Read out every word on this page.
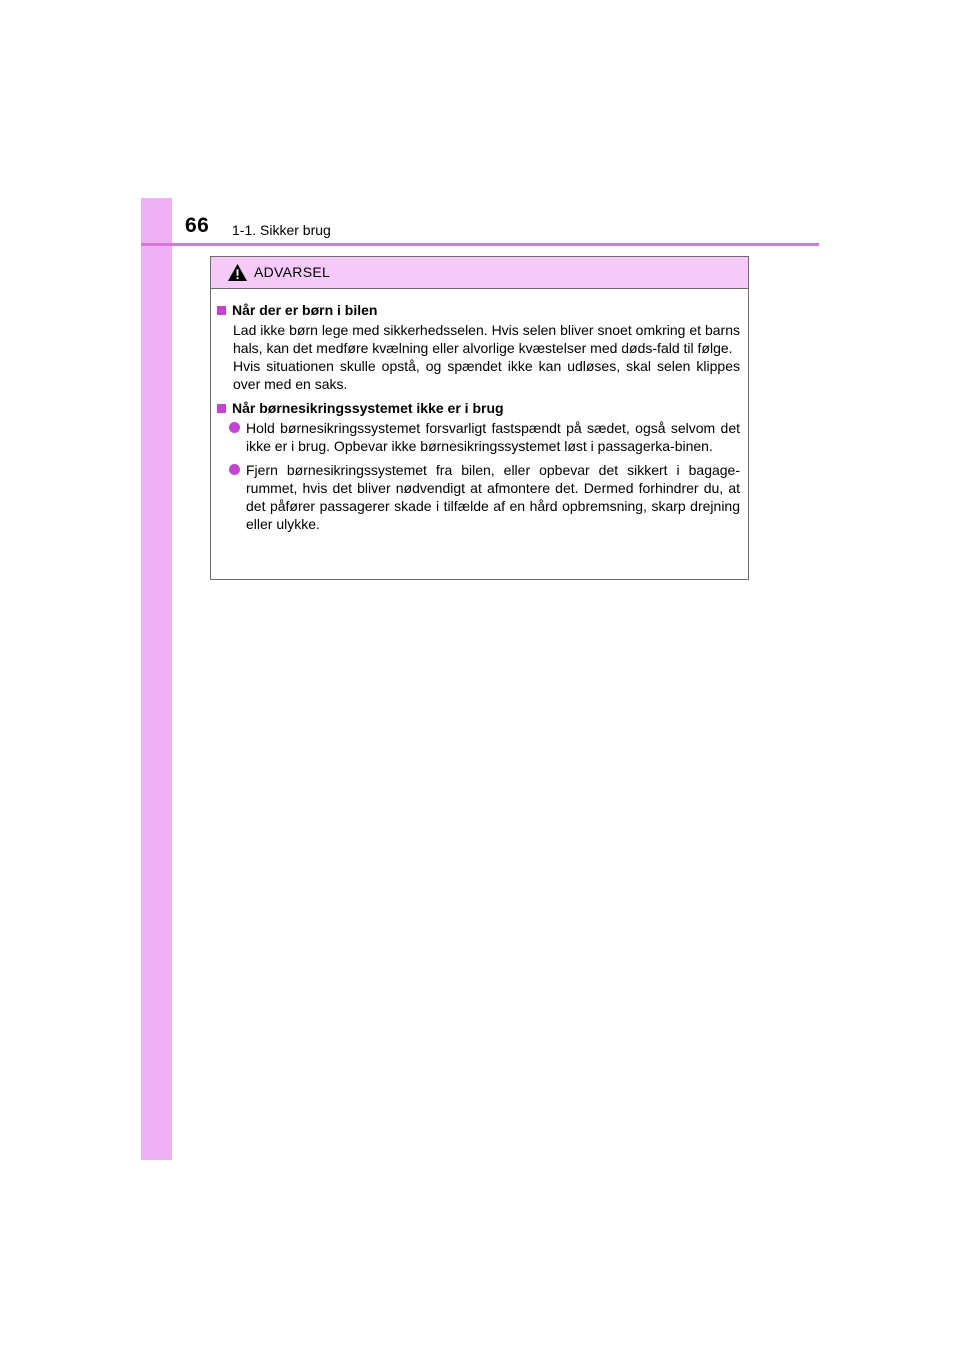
66 1-1. Sikker brug
ADVARSEL
Når der er børn i bilen

Lad ikke børn lege med sikkerhedsselen. Hvis selen bliver snoet omkring et barns hals, kan det medføre kvælning eller alvorlige kvæstelser med døds-fald til følge.

Hvis situationen skulle opstå, og spændet ikke kan udløses, skal selen klippes over med en saks.

Når børnesikringssystemet ikke er i brug
Hold børnesikringssystemet forsvarligt fastspændt på sædet, også selvom det ikke er i brug. Opbevar ikke børnesikringssystemet løst i passagerka-binen.
Fjern børnesikringssystemet fra bilen, eller opbevar det sikkert i bagage-rummet, hvis det bliver nødvendigt at afmontere det. Dermed forhindrer du, at det påfører passagerer skade i tilfælde af en hård opbremsning, skarp drejning eller ulykke.
